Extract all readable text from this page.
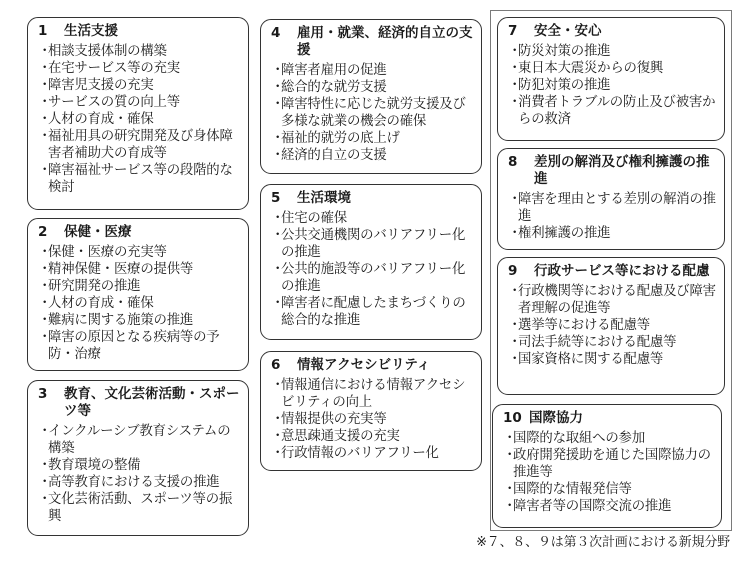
1	生活支援
・ 相談支援体制の構築
・ 在宅サービス等の充実
・ 障害児支援の充実
・ サービスの質の向上等
・ 人材の育成・確保
・ 福祉用具の研究開発及び身体障害者補助犬の育成等
・ 障害福祉サービス等の段階的な検討
2	保健・医療
・ 保健・医療の充実等
・ 精神保健・医療の提供等
・ 研究開発の推進
・ 人材の育成・確保
・ 難病に関する施策の推進
・ 障害の原因となる疾病等の予防・治療
3	教育、文化芸術活動・スポーツ等
・ インクルーシブ教育システムの構築
・ 教育環境の整備
・ 高等教育における支援の推進
・ 文化芸術活動、スポーツ等の振興
4	雇用・就業、経済的自立の支援
・ 障害者雇用の促進
・ 総合的な就労支援
・ 障害特性に応じた就労支援及び多様な就業の機会の確保
・ 福祉的就労の底上げ
・ 経済的自立の支援
5	生活環境
・ 住宅の確保
・ 公共交通機関のバリアフリー化の推進
・ 公共的施設等のバリアフリー化の推進
・ 障害者に配慮したまちづくりの総合的な推進
6	情報アクセシビリティ
・ 情報通信における情報アクセシビリティの向上
・ 情報提供の充実等
・ 意思疎通支援の充実
・ 行政情報のバリアフリー化
7	安全・安心
・ 防災対策の推進
・ 東日本大震災からの復興
・ 防犯対策の推進
・ 消費者トラブルの防止及び被害からの救済
8	差別の解消及び権利擁護の推進
・ 障害を理由とする差別の解消の推進
・ 権利擁護の推進
9	行政サービス等における配慮
・ 行政機関等における配慮及び障害者理解の促進等
・ 選挙等における配慮等
・ 司法手続等における配慮等
・ 国家資格に関する配慮等
10 国際協力
・ 国際的な取組への参加
・ 政府開発援助を通じた国際協力の推進等
・ 国際的な情報発信等
・ 障害者等の国際交流の推進
※７、８、９は第３次計画における新規分野
